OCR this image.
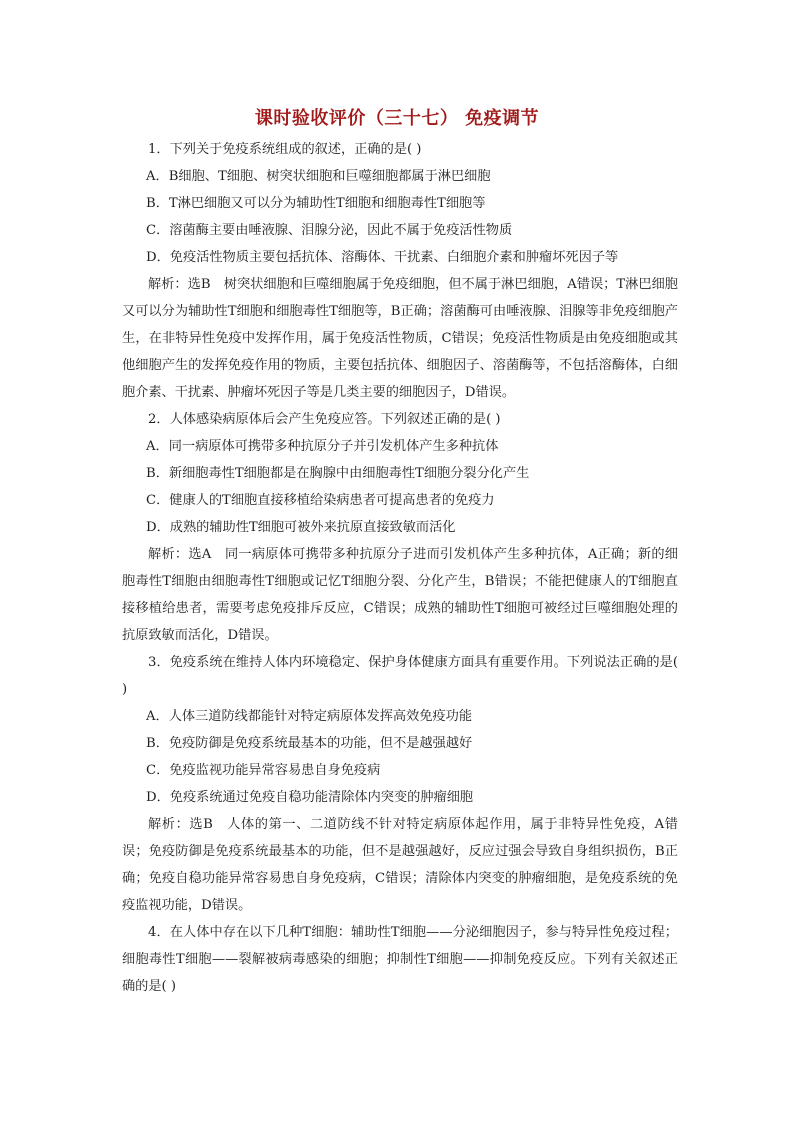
课时验收评价（三十七） 免疫调节

1．下列关于免疫系统组成的叙述，正确的是( )

A．B细胞、T细胞、树突状细胞和巨噬细胞都属于淋巴细胞

B．T淋巴细胞又可以分为辅助性T细胞和细胞毒性T细胞等

C．溶菌酶主要由唾液腺、泪腺分泌，因此不属于免疫活性物质

D．免疫活性物质主要包括抗体、溶酶体、干扰素、白细胞介素和肿瘤坏死因子等

解析：选B　树突状细胞和巨噬细胞属于免疫细胞，但不属于淋巴细胞，A错误；T淋巴细胞又可以分为辅助性T细胞和细胞毒性T细胞等，B正确；溶菌酶可由唾液腺、泪腺等非免疫细胞产生，在非特异性免疫中发挥作用，属于免疫活性物质，C错误；免疫活性物质是由免疫细胞或其他细胞产生的发挥免疫作用的物质，主要包括抗体、细胞因子、溶菌酶等，不包括溶酶体，白细胞介素、干扰素、肿瘤坏死因子等是几类主要的细胞因子，D错误。

2．人体感染病原体后会产生免疫应答。下列叙述正确的是( )

A．同一病原体可携带多种抗原分子并引发机体产生多种抗体

B．新细胞毒性T细胞都是在胸腺中由细胞毒性T细胞分裂分化产生

C．健康人的T细胞直接移植给染病患者可提高患者的免疫力

D．成熟的辅助性T细胞可被外来抗原直接致敏而活化

解析：选A　同一病原体可携带多种抗原分子进而引发机体产生多种抗体，A正确；新的细胞毒性T细胞由细胞毒性T细胞或记忆T细胞分裂、分化产生，B错误；不能把健康人的T细胞直接移植给患者，需要考虑免疫排斥反应，C错误；成熟的辅助性T细胞可被经过巨噬细胞处理的抗原致敏而活化，D错误。

3．免疫系统在维持人体内环境稳定、保护身体健康方面具有重要作用。下列说法正确的是( )

A．人体三道防线都能针对特定病原体发挥高效免疫功能

B．免疫防御是免疫系统最基本的功能，但不是越强越好

C．免疫监视功能异常容易患自身免疫病

D．免疫系统通过免疫自稳功能清除体内突变的肿瘤细胞

解析：选B　人体的第一、二道防线不针对特定病原体起作用，属于非特异性免疫，A错误；免疫防御是免疫系统最基本的功能，但不是越强越好，反应过强会导致自身组织损伤，B正确；免疫自稳功能异常容易患自身免疫病，C错误；清除体内突变的肿瘤细胞，是免疫系统的免疫监视功能，D错误。

4．在人体中存在以下几种T细胞：辅助性T细胞——分泌细胞因子，参与特异性免疫过程；细胞毒性T细胞——裂解被病毒感染的细胞；抑制性T细胞——抑制免疫反应。下列有关叙述正确的是( )
